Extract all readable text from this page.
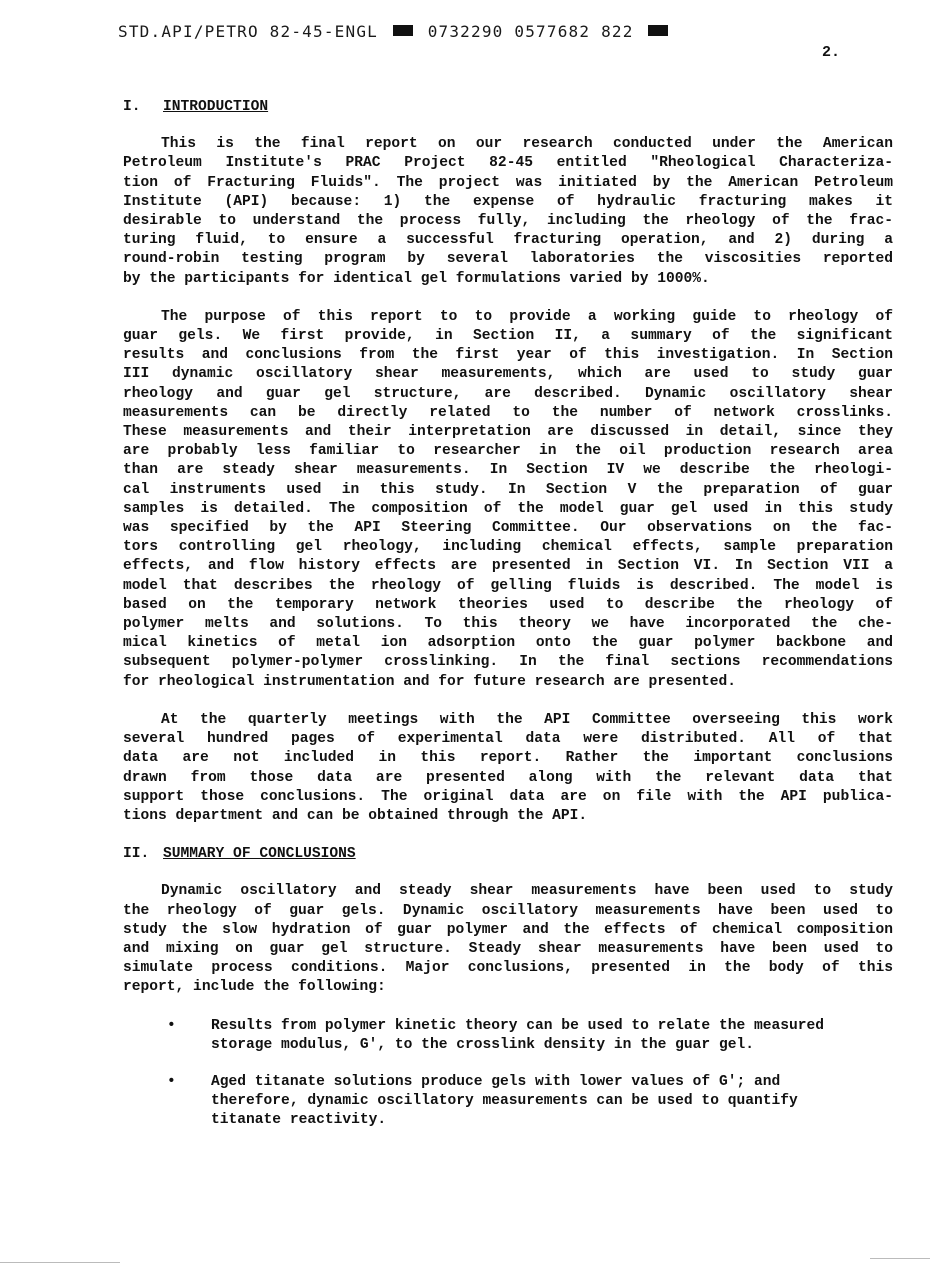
STD.API/PETRO 82-45-ENGL	0732290 0577682 822
2.
I. INTRODUCTION
This is the final report on our research conducted under the American
Petroleum Institute's PRAC Project 82-45 entitled "Rheological Characteriza-
tion of Fracturing Fluids". The project was initiated by the American Petroleum
Institute (API) because: 1) the expense of hydraulic fracturing makes it
desirable to understand the process fully, including the rheology of the frac-
turing fluid, to ensure a successful fracturing operation, and 2) during a
round-robin testing program by several laboratories the viscosities reported
by the participants for identical gel formulations varied by 1000%.
The purpose of this report to to provide a working guide to rheology of
guar gels. We first provide, in Section II, a summary of the significant
results and conclusions from the first year of this investigation. In Section
III dynamic oscillatory shear measurements, which are used to study guar
rheology and guar gel structure, are described. Dynamic oscillatory shear
measurements can be directly related to the number of network crosslinks.
These measurements and their interpretation are discussed in detail, since they
are probably less familiar to researcher in the oil production research area
than are steady shear measurements. In Section IV we describe the rheologi-
cal instruments used in this study. In Section V the preparation of guar
samples is detailed. The composition of the model guar gel used in this study
was specified by the API Steering Committee. Our observations on the fac-
tors controlling gel rheology, including chemical effects, sample preparation
effects, and flow history effects are presented in Section VI. In Section VII a
model that describes the rheology of gelling fluids is described. The model is
based on the temporary network theories used to describe the rheology of
polymer melts and solutions. To this theory we have incorporated the che-
mical kinetics of metal ion adsorption onto the guar polymer backbone and
subsequent polymer-polymer crosslinking. In the final sections recommendations
for rheological instrumentation and for future research are presented.
At the quarterly meetings with the API Committee overseeing this work
several hundred pages of experimental data were distributed. All of that
data are not included in this report. Rather the important conclusions
drawn from those data are presented along with the relevant data that
support those conclusions. The original data are on file with the API publica-
tions department and can be obtained through the API.
II. SUMMARY OF CONCLUSIONS
Dynamic oscillatory and steady shear measurements have been used to study
the rheology of guar gels. Dynamic oscillatory measurements have been used to
study the slow hydration of guar polymer and the effects of chemical composition
and mixing on guar gel structure. Steady shear measurements have been used to
simulate process conditions. Major conclusions, presented in the body of this
report, include the following:
• Results from polymer kinetic theory can be used to relate the measured
storage modulus, G', to the crosslink density in the guar gel.
• Aged titanate solutions produce gels with lower values of G'; and
therefore, dynamic oscillatory measurements can be used to quantify
titanate reactivity.
